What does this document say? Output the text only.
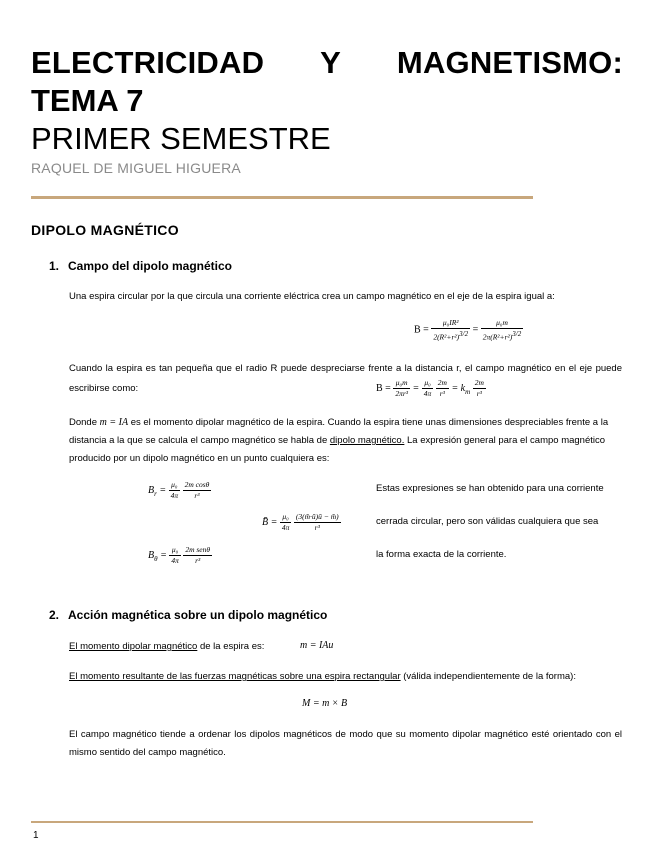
ELECTRICIDAD Y MAGNETISMO:
TEMA 7
PRIMER SEMESTRE
RAQUEL DE MIGUEL HIGUERA
DIPOLO MAGNÉTICO
1. Campo del dipolo magnético
Una espira circular por la que circula una corriente eléctrica crea un campo magnético en el eje de la espira igual a:
$B = \frac{\text{μ₀IR²}}{2(R^2+r^2)^{3/2}} = \frac{\text{μ₀m}}{2\pi(R^2+r^2)^{3/2}}$
Cuando la espira es tan pequeña que el radio R puede despreciarse frente a la distancia r, el campo magnético en el eje puede
escribirse como:	$B = \frac{\text{μ₀m}}{\text{2πr³}} = \frac{\text{μ₀}}{4\pi}$
$\frac{2m}{\text{r³}} = k_m \frac{2m}{\text{r³}}$
Donde m = IA es el momento dipolar magnético de la espira. Cuando la espira tiene unas dimensiones despreciables frente a la
distancia a la que se calcula el campo magnético se habla de dipolo magnético. La expresión general para el campo magnético
producido por un dipolo magnético en un punto cualquiera es:
$B_r = \frac{\text{μ₀}}{4\pi}$
$\frac{\text{2m cosθ}}{\text{r³}}$
B̄ = $\frac{\text{μ₀}}{4\pi}$
$\frac{(3(m̄\cdot ū)ū - m̄)}{\text{r³}}$
$B_\theta = \frac{\text{μ₀}}{4\pi}$
$\frac{\text{2m senθ}}{\text{r³}}$
Estas expresiones se han obtenido para una corriente
cerrada circular, pero son válidas cualquiera que sea
la forma exacta de la corriente.
2. Acción magnética sobre un dipolo magnético
El momento dipolar magnético de la espira es:	m = IAu
El momento resultante de las fuerzas magnéticas sobre una espira rectangular (válida independientemente de la forma):
M = m × B
El campo magnético tiende a ordenar los dipolos magnéticos de modo que su momento dipolar magnético esté orientado con el
mismo sentido del campo magnético.
1
